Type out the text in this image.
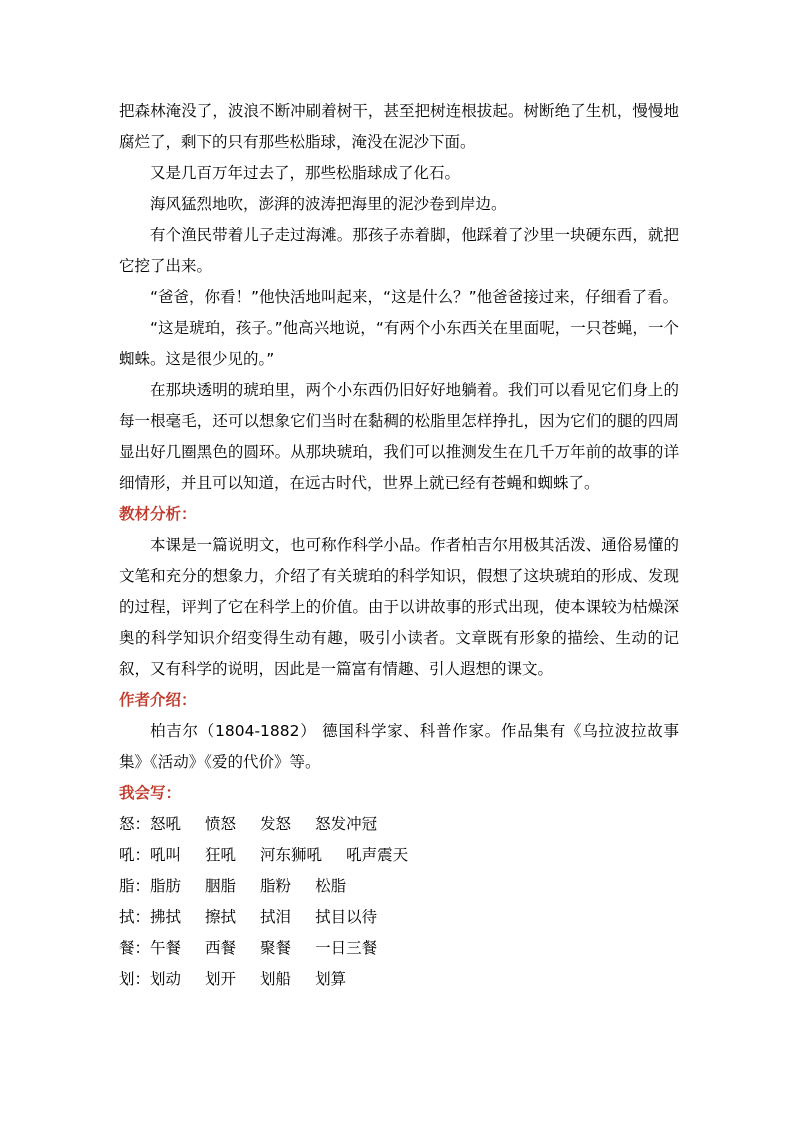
把森林淹没了，波浪不断冲刷着树干，甚至把树连根拔起。树断绝了生机，慢慢地腐烂了，剩下的只有那些松脂球，淹没在泥沙下面。

又是几百万年过去了，那些松脂球成了化石。

海风猛烈地吹，澎湃的波涛把海里的泥沙卷到岸边。

有个渔民带着儿子走过海滩。那孩子赤着脚，他踩着了沙里一块硬东西，就把它挖了出来。

“爸爸，你看！”他快活地叫起来，“这是什么？”他爸爸接过来，仔细看了看。

“这是琥珀，孩子。”他高兴地说，“有两个小东西关在里面呢，一只苍蝇，一个蜘蛛。这是很少见的。”

在那块透明的琥珀里，两个小东西仍旧好好地躺着。我们可以看见它们身上的每一根毫毛，还可以想象它们当时在黏稠的松脂里怎样挣扎，因为它们的腿的四周显出好几圈黑色的圆环。从那块琥珀，我们可以推测发生在几千万年前的故事的详细情形，并且可以知道，在远古时代，世界上就已经有苍蝇和蜘蛛了。

教材分析：

本课是一篇说明文，也可称作科学小品。作者柏吉尔用极其活泼、通俗易懂的文笔和充分的想象力，介绍了有关琥珀的科学知识，假想了这块琥珀的形成、发现的过程，评判了它在科学上的价值。由于以讲故事的形式出现，使本课较为枯燥深奥的科学知识介绍变得生动有趣，吸引小读者。文章既有形象的描绘、生动的记叙，又有科学的说明，因此是一篇富有情趣、引人遐想的课文。

作者介绍：

柏吉尔（1804-1882） 德国科学家、科普作家。作品集有《乌拉波拉故事集》《活动》《爱的代价》等。

我会写：

怒： 怒吼 愤怒 发怒 怒发冲冠
吼： 吼叫 狂吼 河东狮吼 吼声震天
脂： 脂肪 胭脂 脂粉 松脂
拭： 拂拭 擦拭 拭泪 拭目以待
餐： 午餐 西餐 聚餐 一日三餐
划： 划动 划开 划船 划算
